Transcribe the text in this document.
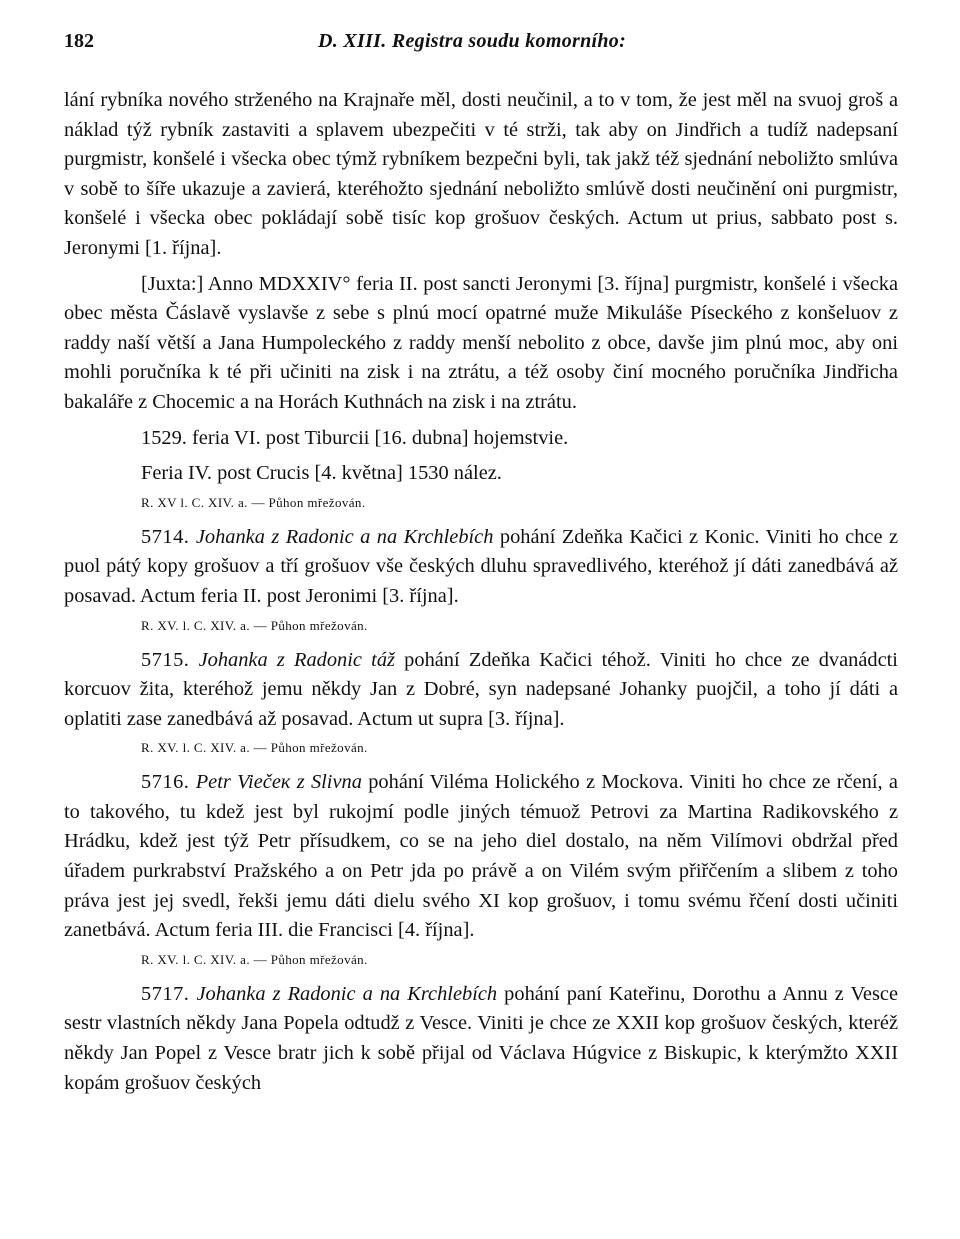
182	D. XIII. Registra soudu komorního:

lání rybníka nového strženého na Krajnaře měl, dosti neučinil, a to v tom, že jest měl na svuoj groš a náklad týž rybník zastaviti a splavem ubezpečiti v té strži, tak aby on Jindřich a tudíž nadepsaní purgmistr, konšelé i všecka obec týmž rybníkem bezpečni byli, tak jakž též sjednání neboližto smlúva v sobě to šíře ukazuje a zavierá, kteréhožto sjednání neboližto smlúvě dosti neučinění oni purgmistr, konšelé i všecka obec pokládají sobě tisíc kop grošuov českých. Actum ut prius, sabbato post s. Jeronymi [1. října].

[Juxta:] Anno MDXXIV° feria II. post sancti Jeronymi [3. října] purgmistr, konšelé i všecka obec města Čáslavě vyslavše z sebe s plnú mocí opatrné muže Mikuláše Píseckého z konšeluov z raddy naší větší a Jana Humpoleckého z raddy menší nebolito z obce, davše jim plnú moc, aby oni mohli poručníka k té při učiniti na zisk i na ztrátu, a též osoby činí mocného poručníka Jindřicha bakaláře z Chocemic a na Horách Kuthnách na zisk i na ztrátu.

1529. feria VI. post Tiburcii [16. dubna] hojemstvie.

Feria IV. post Crucis [4. května] 1530 nález.

R. XV l. C. XIV. a. — Půhon mřežován.

5714. Johanka z Radonic a na Krchlebích pohání Zdeňka Kačici z Konic. Viniti ho chce z puol pátý kopy grošuov a tří grošuov vše českých dluhu spravedlivého, kteréhož jí dáti zanedbává až posavad. Actum feria II. post Jeronimi [3. října].

R. XV. l. C. XIV. a. — Půhon mřežován.

5715. Johanka z Radonic táž pohání Zdeňka Kačici téhož. Viniti ho chce ze dvanádcti korcuov žita, kteréhož jemu někdy Jan z Dobré, syn nadepsané Johanky puojčil, a toho jí dáti a oplatiti zase zanedbává až posavad. Actum ut supra [3. října].

R. XV. l. C. XIV. a. — Půhon mřežován.

5716. Petr Viečeк z Slivna pohání Viléma Holického z Mockova. Viniti ho chce ze rčení, a to takového, tu kdež jest byl rukojmí podle jiných témuož Petrovi za Martina Radikovského z Hrádku, kdež jest týž Petr přísudkem, co se na jeho diel dostalo, na něm Vilímovi obdržal před úřadem purkrabství Pražského a on Petr jda po právě a on Vilém svým přiřčením a slibem z toho práva jest jej svedl, řekši jemu dáti dielu svého XI kop grošuov, i tomu svému řčení dosti učiniti zanetbává. Actum feria III. die Francisci [4. října].

R. XV. l. C. XIV. a. — Půhon mřežován.

5717. Johanka z Radonic a na Krchlebích pohání paní Kateřinu, Dorothu a Annu z Vesce sestr vlastních někdy Jana Popela odtudž z Vesce. Viniti je chce ze XXII kop grošuov českých, kteréž někdy Jan Popel z Vesce bratr jich k sobě přijal od Václava Húgvice z Biskupic, k kterýmžto XXII kopám grošuov českých
